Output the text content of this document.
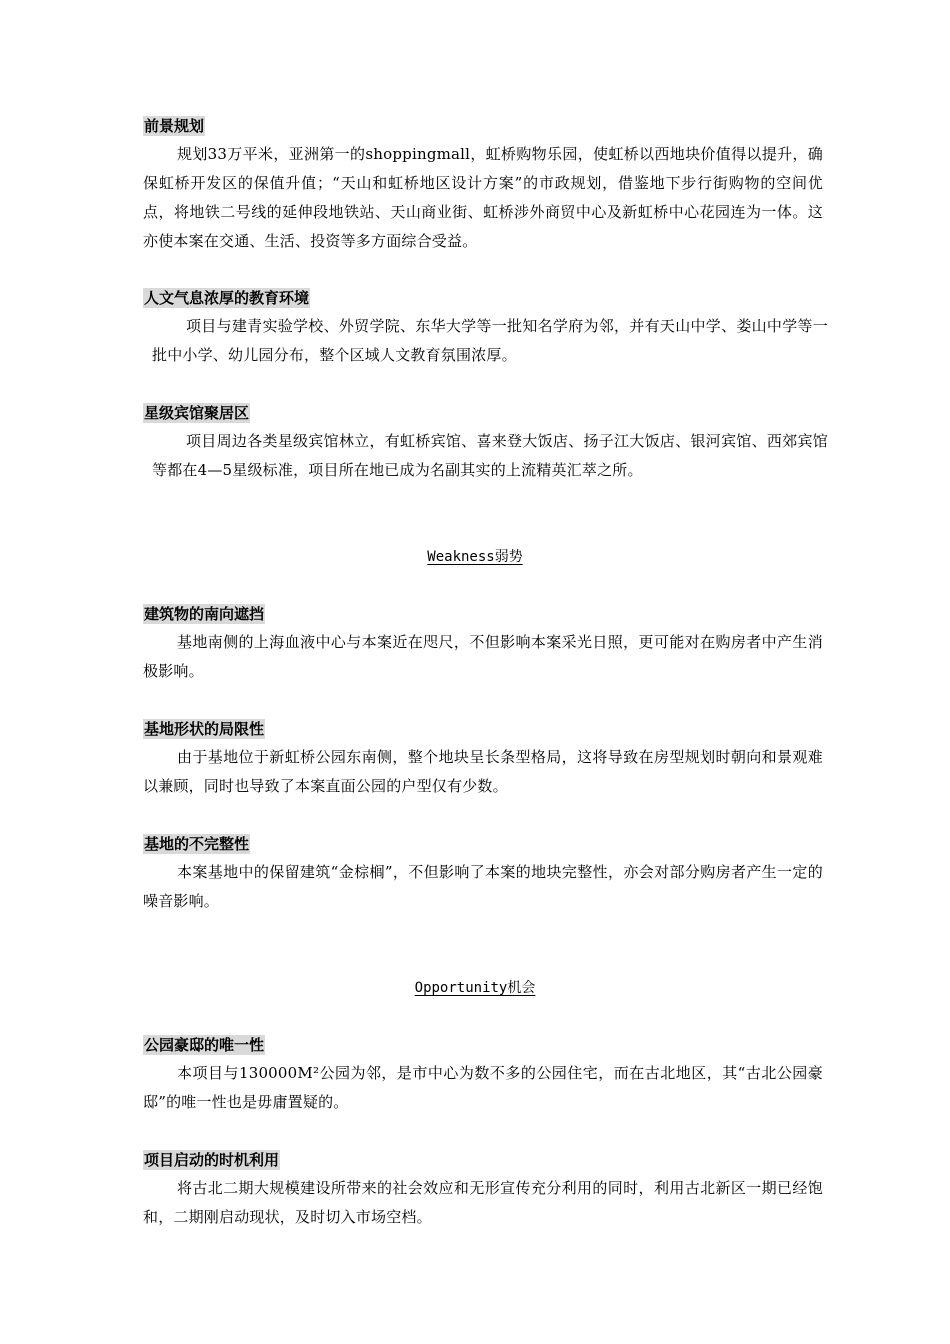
前景规划
规划33万平米，亚洲第一的shoppingmall，虹桥购物乐园，使虹桥以西地块价值得以提升，确保虹桥开发区的保值升值；“天山和虹桥地区设计方案”的市政规划，借鉴地下步行街购物的空间优点，将地铁二号线的延伸段地铁站、天山商业街、虹桥涉外商贸中心及新虹桥中心花园连为一体。这亦使本案在交通、生活、投资等多方面综合受益。
人文气息浓厚的教育环境
项目与建青实验学校、外贸学院、东华大学等一批知名学府为邻，并有天山中学、娄山中学等一批中小学、幼儿园分布，整个区域人文教育氛围浓厚。
星级宾馆聚居区
项目周边各类星级宾馆林立，有虹桥宾馆、喜来登大饭店、扬子江大饭店、银河宾馆、西郊宾馆等都在4—5星级标准，项目所在地已成为名副其实的上流精英汇萃之所。
Weakness弱势
建筑物的南向遮挡
基地南侧的上海血液中心与本案近在咫尺，不但影响本案采光日照，更可能对在购房者中产生消极影响。
基地形状的局限性
由于基地位于新虹桥公园东南侧，整个地块呈长条型格局，这将导致在房型规划时朝向和景观难以兼顾，同时也导致了本案直面公园的户型仅有少数。
基地的不完整性
本案基地中的保留建筑“金棕榈”，不但影响了本案的地块完整性，亦会对部分购房者产生一定的噪音影响。
Opportunity机会
公园豪邸的唯一性
本项目与130000M²公园为邻，是市中心为数不多的公园住宅，而在古北地区，其“古北公园豪邸”的唯一性也是毋庸置疑的。
项目启动的时机利用
将古北二期大规模建设所带来的社会效应和无形宣传充分利用的同时，利用古北新区一期已经饱和，二期刚启动现状，及时切入市场空档。
